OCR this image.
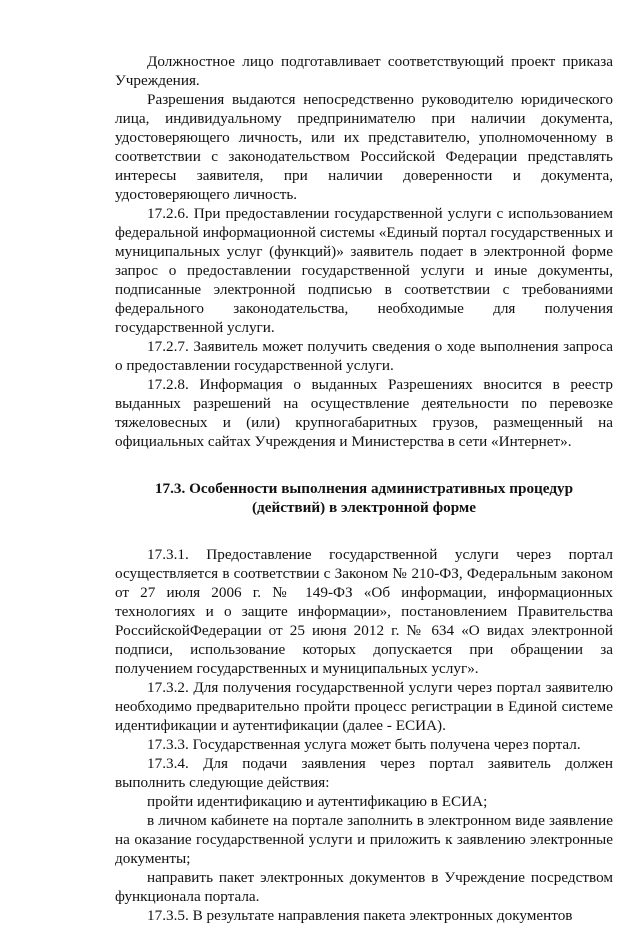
Должностное лицо подготавливает соответствующий проект приказа Учреждения.

Разрешения выдаются непосредственно руководителю юридического лица, индивидуальному предпринимателю при наличии документа, удостоверяющего личность, или их представителю, уполномоченному в соответствии с законодательством Российской Федерации представлять интересы заявителя, при наличии доверенности и документа, удостоверяющего личность.

17.2.6. При предоставлении государственной услуги с использованием федеральной информационной системы «Единый портал государственных и муниципальных услуг (функций)» заявитель подает в электронной форме запрос о предоставлении государственной услуги и иные документы, подписанные электронной подписью в соответствии с требованиями федерального законодательства, необходимые для получения государственной услуги.

17.2.7. Заявитель может получить сведения о ходе выполнения запроса о предоставлении государственной услуги.

17.2.8. Информация о выданных Разрешениях вносится в реестр выданных разрешений на осуществление деятельности по перевозке тяжеловесных и (или) крупногабаритных грузов, размещенный на официальных сайтах Учреждения и Министерства в сети «Интернет».

17.3. Особенности выполнения административных процедур
(действий) в электронной форме

17.3.1. Предоставление государственной услуги через портал осуществляется в соответствии с Законом № 210-ФЗ, Федеральным законом от 27 июля 2006 г. № 149-ФЗ «Об информации, информационных технологиях и о защите информации», постановлением Правительства РоссийскойФедерации от 25 июня 2012 г. № 634 «О видах электронной подписи, использование которых допускается при обращении за получением государственных и муниципальных услуг».

17.3.2. Для получения государственной услуги через портал заявителю необходимо предварительно пройти процесс регистрации в Единой системе идентификации и аутентификации (далее - ЕСИА).

17.3.3. Государственная услуга может быть получена через портал.

17.3.4. Для подачи заявления через портал заявитель должен выполнить следующие действия:

пройти идентификацию и аутентификацию в ЕСИА;

в личном кабинете на портале заполнить в электронном виде заявление на оказание государственной услуги и приложить к заявлению электронные документы;

направить пакет электронных документов в Учреждение посредством функционала портала.

17.3.5. В результате направления пакета электронных документов
